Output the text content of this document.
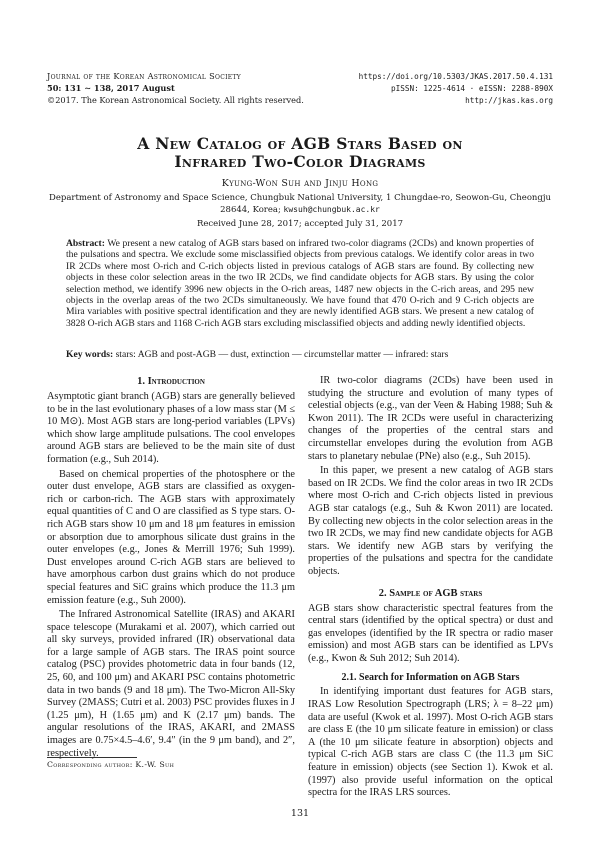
Journal of the Korean Astronomical Society
50: 131 ∼ 138, 2017 August
©2017. The Korean Astronomical Society. All rights reserved.
https://doi.org/10.5303/JKAS.2017.50.4.131
pISSN: 1225-4614 · eISSN: 2288-890X
http://jkas.kas.org
A New Catalog of AGB Stars Based on
Infrared Two-Color Diagrams
Kyung-Won Suh and Jinju Hong
Department of Astronomy and Space Science, Chungbuk National University, 1 Chungdae-ro, Seowon-Gu, Cheongju
28644, Korea; kwsuh@chungbuk.ac.kr
Received June 28, 2017; accepted July 31, 2017
Abstract: We present a new catalog of AGB stars based on infrared two-color diagrams (2CDs) and known properties of the pulsations and spectra. We exclude some misclassified objects from previous catalogs. We identify color areas in two IR 2CDs where most O-rich and C-rich objects listed in previous catalogs of AGB stars are found. By collecting new objects in these color selection areas in the two IR 2CDs, we find candidate objects for AGB stars. By using the color selection method, we identify 3996 new objects in the O-rich areas, 1487 new objects in the C-rich areas, and 295 new objects in the overlap areas of the two 2CDs simultaneously. We have found that 470 O-rich and 9 C-rich objects are Mira variables with positive spectral identification and they are newly identified AGB stars. We present a new catalog of 3828 O-rich AGB stars and 1168 C-rich AGB stars excluding misclassified objects and adding newly identified objects.
Key words: stars: AGB and post-AGB — dust, extinction — circumstellar matter — infrared: stars
1. Introduction
Asymptotic giant branch (AGB) stars are generally believed to be in the last evolutionary phases of a low mass star (M ≤ 10 M⊙). Most AGB stars are long-period variables (LPVs) which show large amplitude pulsations. The cool envelopes around AGB stars are believed to be the main site of dust formation (e.g., Suh 2014).
Based on chemical properties of the photosphere or the outer dust envelope, AGB stars are classified as oxygen-rich or carbon-rich. The AGB stars with approximately equal quantities of C and O are classified as S type stars. O-rich AGB stars show 10 μm and 18 μm features in emission or absorption due to amorphous silicate dust grains in the outer envelopes (e.g., Jones & Merrill 1976; Suh 1999). Dust envelopes around C-rich AGB stars are believed to have amorphous carbon dust grains which do not produce special features and SiC grains which produce the 11.3 μm emission feature (e.g., Suh 2000).
The Infrared Astronomical Satellite (IRAS) and AKARI space telescope (Murakami et al. 2007), which carried out all sky surveys, provided infrared (IR) observational data for a large sample of AGB stars. The IRAS point source catalog (PSC) provides photometric data in four bands (12, 25, 60, and 100 μm) and AKARI PSC contains photometric data in two bands (9 and 18 μm). The Two-Micron All-Sky Survey (2MASS; Cutri et al. 2003) PSC provides fluxes in J (1.25 μm), H (1.65 μm) and K (2.17 μm) bands. The angular resolutions of the IRAS, AKARI, and 2MASS images are 0.75×4.5–4.6′, 9.4″ (in the 9 μm band), and 2″, respectively.
Corresponding author: K.-W. Suh
IR two-color diagrams (2CDs) have been used in studying the structure and evolution of many types of celestial objects (e.g., van der Veen & Habing 1988; Suh & Kwon 2011). The IR 2CDs were useful in characterizing changes of the properties of the central stars and circumstellar envelopes during the evolution from AGB stars to planetary nebulae (PNe) also (e.g., Suh 2015).
In this paper, we present a new catalog of AGB stars based on IR 2CDs. We find the color areas in two IR 2CDs where most O-rich and C-rich objects listed in previous AGB star catalogs (e.g., Suh & Kwon 2011) are located. By collecting new objects in the color selection areas in the two IR 2CDs, we may find new candidate objects for AGB stars. We identify new AGB stars by verifying the properties of the pulsations and spectra for the candidate objects.
2. Sample of AGB stars
AGB stars show characteristic spectral features from the central stars (identified by the optical spectra) or dust and gas envelopes (identified by the IR spectra or radio maser emission) and most AGB stars can be identified as LPVs (e.g., Kwon & Suh 2012; Suh 2014).
2.1. Search for Information on AGB Stars
In identifying important dust features for AGB stars, IRAS Low Resolution Spectrograph (LRS; λ = 8–22 μm) data are useful (Kwok et al. 1997). Most O-rich AGB stars are class E (the 10 μm silicate feature in emission) or class A (the 10 μm silicate feature in absorption) objects and typical C-rich AGB stars are class C (the 11.3 μm SiC feature in emission) objects (see Section 1). Kwok et al. (1997) also provide useful information on the optical spectra for the IRAS LRS sources.
131
